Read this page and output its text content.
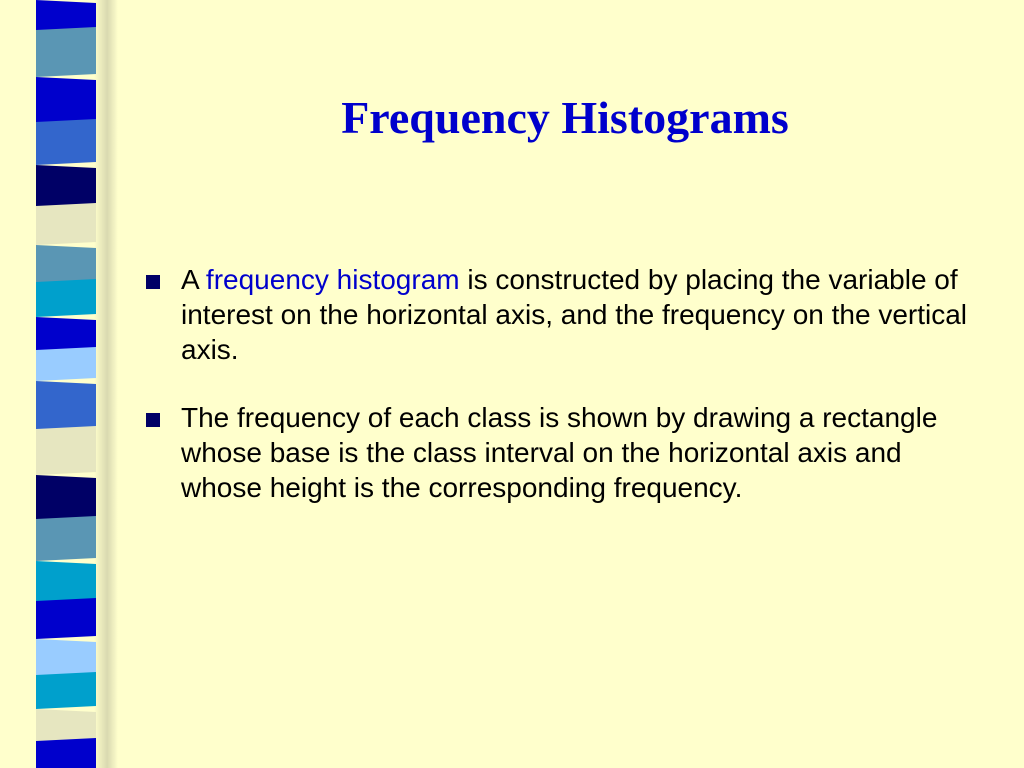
Frequency Histograms
A frequency histogram is constructed by placing the variable of interest on the horizontal axis, and the frequency on the vertical axis.
The frequency of each class is shown by drawing a rectangle whose base is the class interval on the horizontal axis and whose height is the corresponding frequency.
